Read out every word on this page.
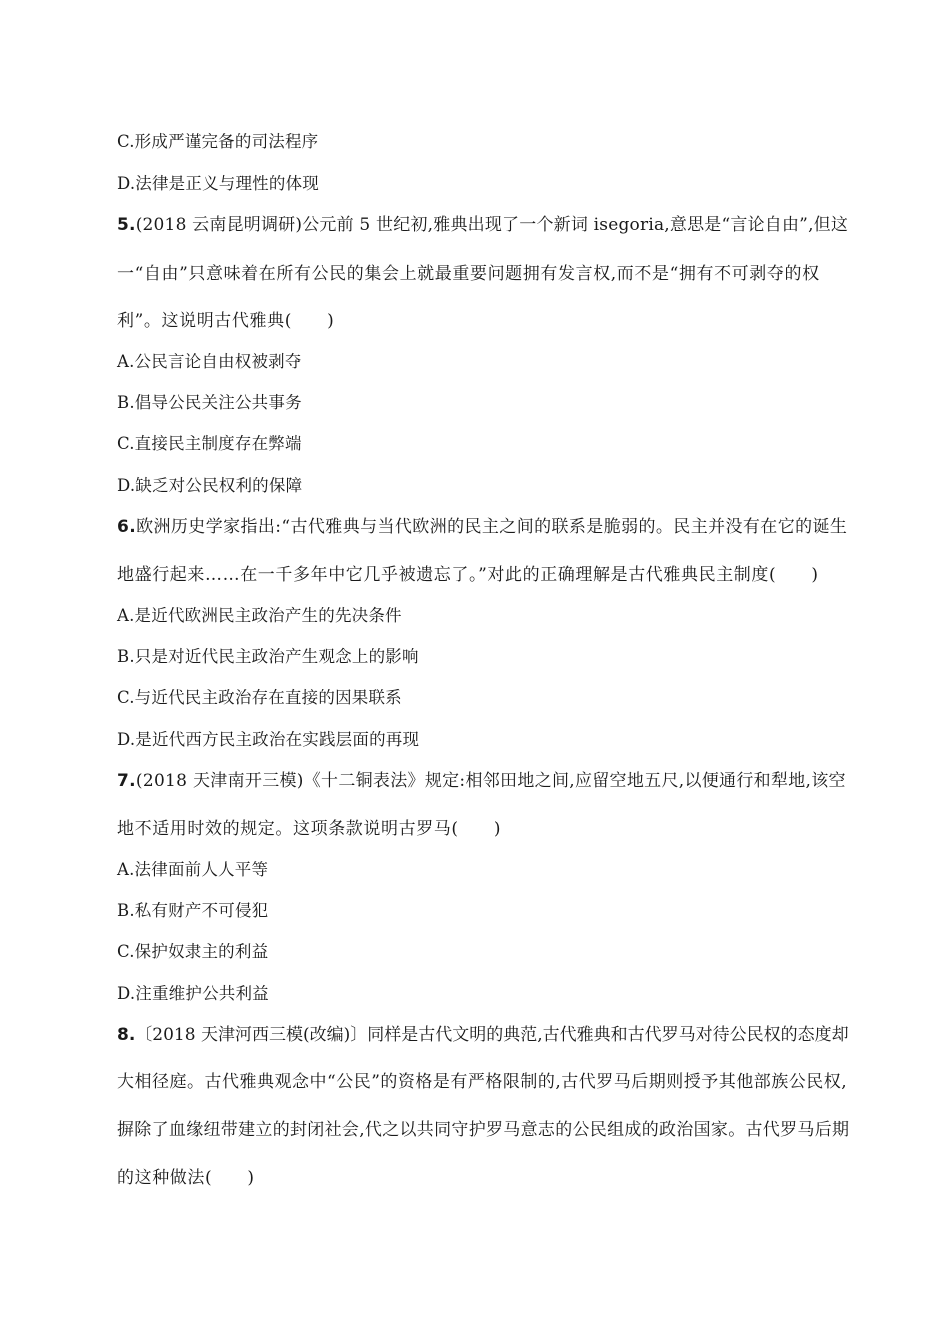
C.形成严谨完备的司法程序
D.法律是正义与理性的体现
5.(2018 云南昆明调研)公元前 5 世纪初,雅典出现了一个新词 isegoria,意思是“言论自由”,但这
一“自由”只意味着在所有公民的集会上就最重要问题拥有发言权,而不是“拥有不可剥夺的权
利”。这说明古代雅典(　　)
A.公民言论自由权被剥夺
B.倡导公民关注公共事务
C.直接民主制度存在弊端
D.缺乏对公民权利的保障
6.欧洲历史学家指出:“古代雅典与当代欧洲的民主之间的联系是脆弱的。民主并没有在它的诞生
地盛行起来……在一千多年中它几乎被遗忘了。”对此的正确理解是古代雅典民主制度(　　)
A.是近代欧洲民主政治产生的先决条件
B.只是对近代民主政治产生观念上的影响
C.与近代民主政治存在直接的因果联系
D.是近代西方民主政治在实践层面的再现
7.(2018 天津南开三模)《十二铜表法》规定:相邻田地之间,应留空地五尺,以便通行和犁地,该空
地不适用时效的规定。这项条款说明古罗马(　　)
A.法律面前人人平等
B.私有财产不可侵犯
C.保护奴隶主的利益
D.注重维护公共利益
8.〔2018 天津河西三模(改编)〕同样是古代文明的典范,古代雅典和古代罗马对待公民权的态度却
大相径庭。古代雅典观念中“公民”的资格是有严格限制的,古代罗马后期则授予其他部族公民权,
摒除了血缘纽带建立的封闭社会,代之以共同守护罗马意志的公民组成的政治国家。古代罗马后期
的这种做法(　　)
